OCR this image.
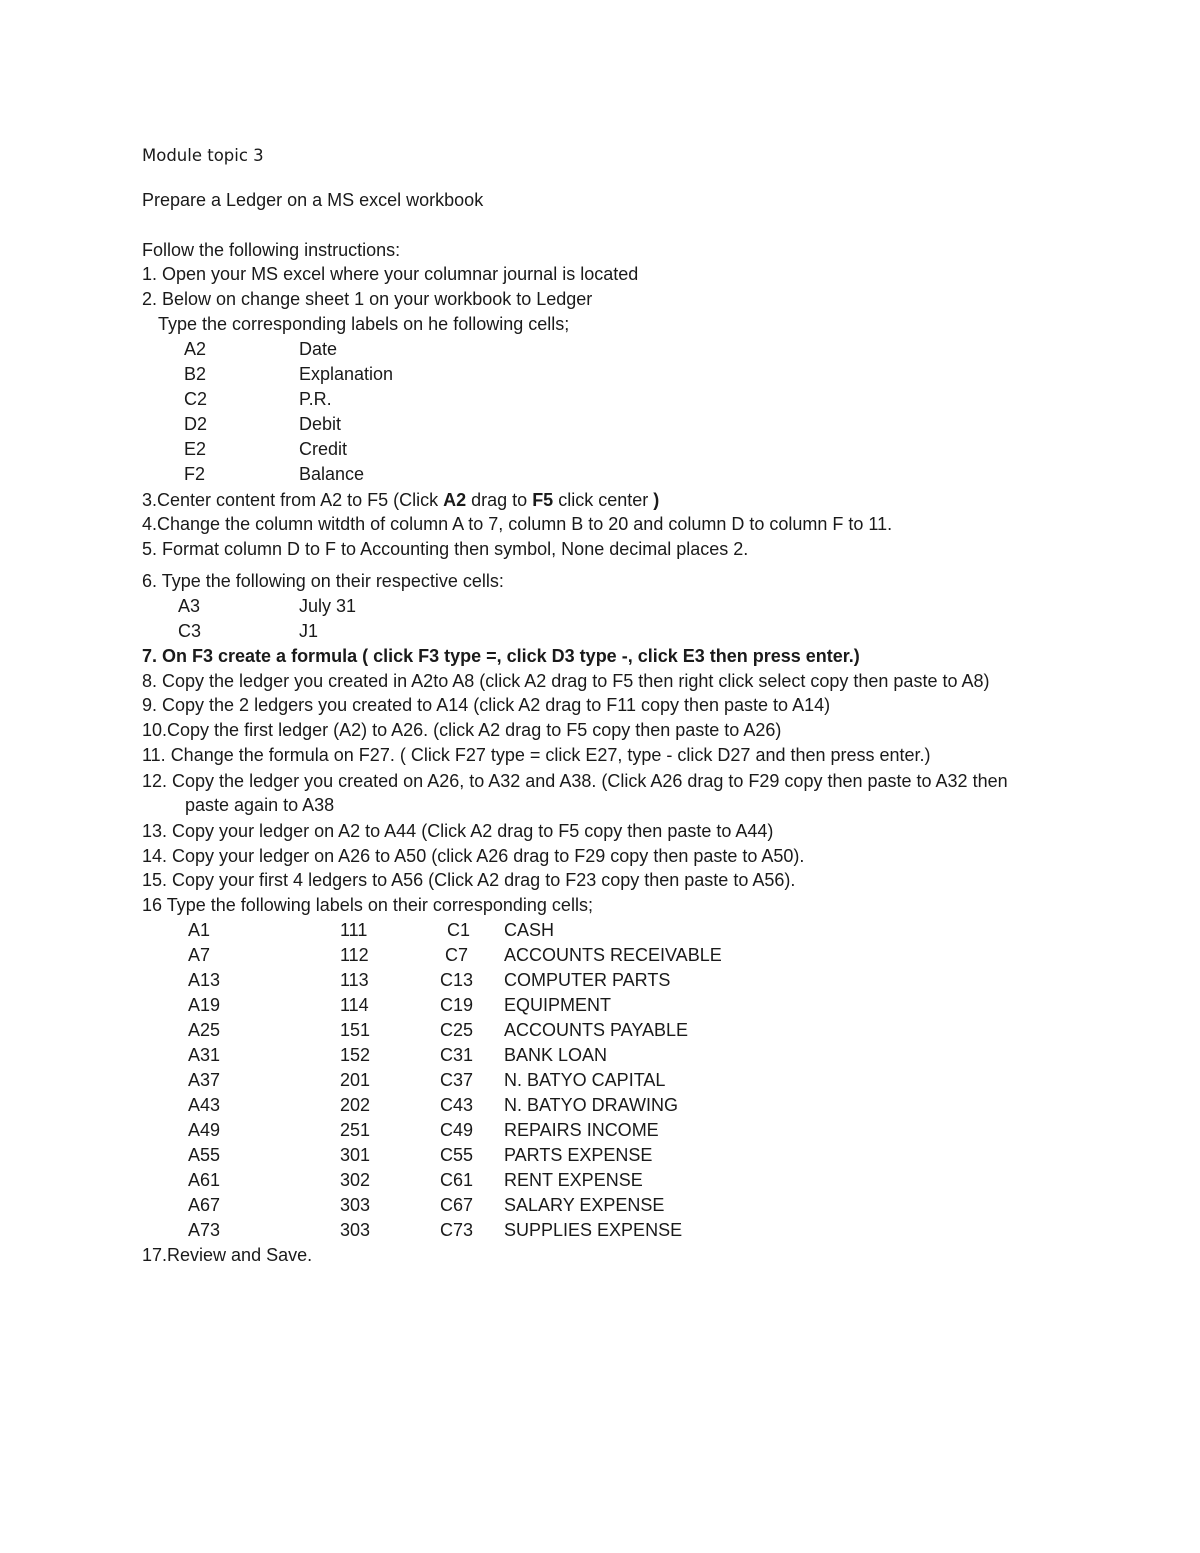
Module topic 3
Prepare a Ledger on a MS excel workbook
Follow the following instructions:
1. Open your MS excel where your columnar journal is located
2. Below on change sheet 1 on your workbook to Ledger
Type the corresponding labels on he following cells;
A2	Date
B2	Explanation
C2	P.R.
D2	Debit
E2	Credit
F2	Balance
3.Center content from A2 to F5 (Click A2 drag to F5 click center )
4.Change the column witdth of column A to 7, column B to 20 and column D to column F to 11.
5. Format column D to F to Accounting then symbol, None decimal places 2.
6. Type the following on their respective cells:
A3	July 31
C3	J1
7. On F3 create a formula ( click F3 type =, click D3 type -, click E3 then press enter.)
8. Copy the ledger you created in A2to A8 (click A2 drag to F5 then right click select copy then paste to A8)
9. Copy the 2 ledgers you created to A14 (click A2 drag to F11 copy then paste to A14)
10.Copy the first ledger (A2) to A26. (click A2 drag to F5 copy then paste to A26)
11. Change the formula on F27. ( Click F27 type = click E27, type - click D27 and then press enter.)
12. Copy the ledger you created on A26, to A32 and A38. (Click A26 drag to F29 copy then paste to A32 then
paste again to A38
13. Copy your ledger on A2 to A44 (Click A2 drag to F5 copy then paste to A44)
14. Copy your ledger on A26 to A50 (click A26 drag to F29 copy then paste to A50).
15. Copy your first 4 ledgers to A56 (Click A2 drag to F23 copy then paste to A56).
16 Type the following labels on their corresponding cells;
A1	111	C1 CASH
A7	112	C7 ACCOUNTS RECEIVABLE
A13	113	C13 COMPUTER PARTS
A19	114	C19 EQUIPMENT
A25	151	C25 ACCOUNTS PAYABLE
A31	152	C31 BANK LOAN
A37	201	C37 N. BATYO CAPITAL
A43	202	C43 N. BATYO DRAWING
A49	251	C49 REPAIRS INCOME
A55	301	C55 PARTS EXPENSE
A61	302	C61 RENT EXPENSE
A67	303	C67 SALARY EXPENSE
A73	303	C73 SUPPLIES EXPENSE
17.Review and Save.
